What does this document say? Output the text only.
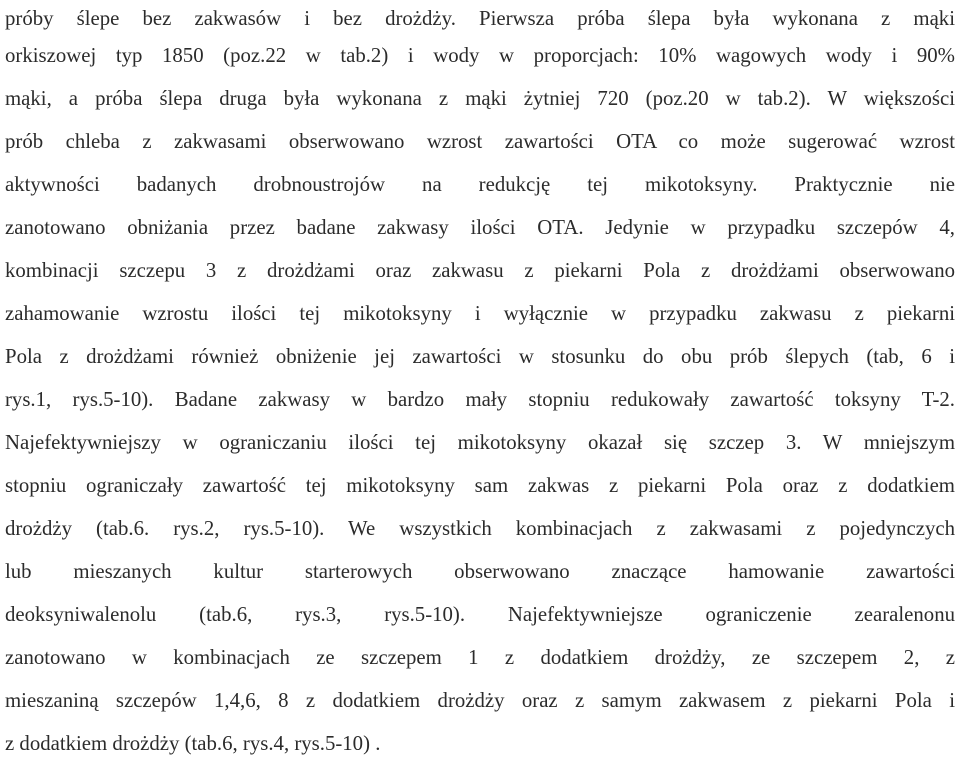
próby ślepe bez zakwasów i bez drożdży. Pierwsza próba ślepa była wykonana z mąki
orkiszowej typ 1850 (poz.22 w tab.2) i wody w proporcjach: 10% wagowych wody i 90%
mąki, a próba ślepa druga była wykonana z mąki żytniej 720 (poz.20 w tab.2). W większości
prób chleba z zakwasami obserwowano wzrost zawartości OTA co może sugerować wzrost
aktywności badanych drobnoustrojów na redukcję tej mikotoksyny. Praktycznie nie
zanotowano obniżania przez badane zakwasy ilości OTA. Jedynie w przypadku szczepów 4,
kombinacji szczepu 3 z drożdżami oraz zakwasu z piekarni Pola z drożdżami obserwowano
zahamowanie wzrostu ilości tej mikotoksyny i wyłącznie w przypadku zakwasu z piekarni
Pola z drożdżami również obniżenie jej zawartości w stosunku do obu prób ślepych (tab, 6 i
rys.1, rys.5-10). Badane zakwasy w bardzo mały stopniu redukowały zawartość toksyny T-2.
Najefektywniejszy w ograniczaniu ilości tej mikotoksyny okazał się szczep 3. W mniejszym
stopniu ograniczały zawartość tej mikotoksyny sam zakwas z piekarni Pola oraz z dodatkiem
drożdży (tab.6. rys.2, rys.5-10). We wszystkich kombinacjach z zakwasami z pojedynczych
lub mieszanych kultur starterowych obserwowano znaczące hamowanie zawartości
deoksyniwalenolu (tab.6, rys.3, rys.5-10). Najefektywniejsze ograniczenie zearalenonu
zanotowano w kombinacjach ze szczepem 1 z dodatkiem drożdży, ze szczepem 2, z
mieszaniną szczepów 1,4,6, 8 z dodatkiem drożdży oraz z samym zakwasem z piekarni Pola i
z dodatkiem drożdży (tab.6, rys.4, rys.5-10) .
